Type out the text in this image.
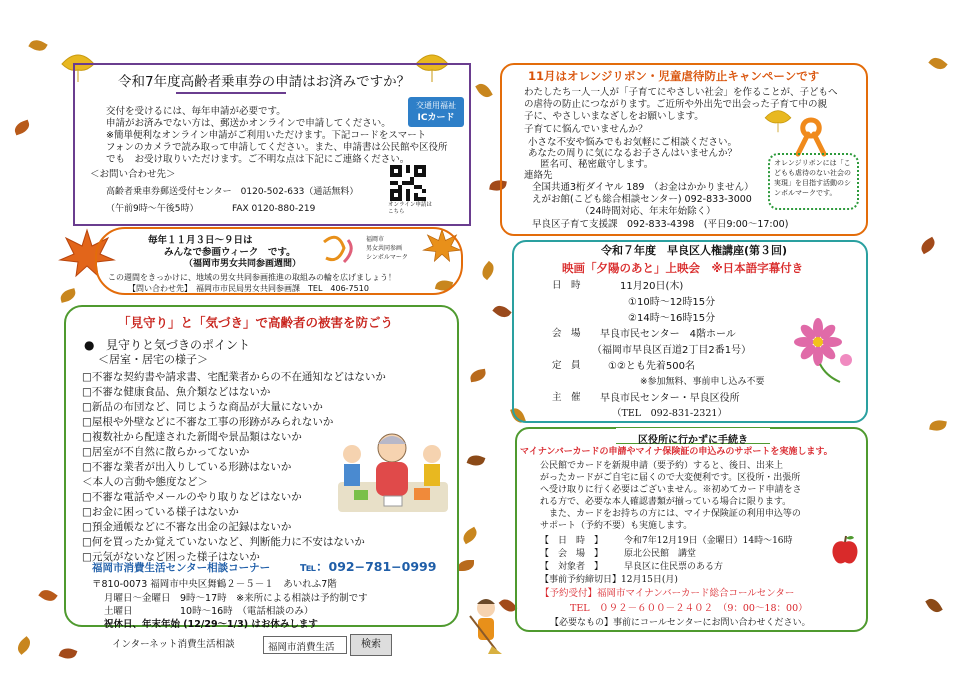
令和7年度高齢者乗車券の申請はお済みですか？
交付を受けるには、毎年申請が必要です。
申請がお済みでない方は、郵送かオンラインで申請してください。
※簡単便利なオンライン申請がご利用いただけます。下記コードをスマート
フォンのカメラで読み取って申請してください。また、申請書は公民館や区役所
でも　お受け取りいただけます。ご不明な点は下記にご連絡ください。
交通用福祉
ICカード
＜お問い合わせ先＞
高齢者乗車券郵送受付センター　0120-502-633（通話無料）
（午前9時～午後5時）	FAX 0120-880-219	オンライン申請はこちら
11月はオレンジリボン・児童虐待防止キャンペーンです
わたしたち一人一人が「子育てにやさしい社会」を作ることが、子どもへ
の虐待の防止につながります。ご近所や外出先で出会った子育て中の親
子に、やさしいまなざしをお願いします。
子育てに悩んでいませんか？
小さな不安や悩みでもお気軽にご相談ください。
あなたの周りに気になるお子さんはいませんか？
匿名可、秘密厳守します。
連絡先
全国共通3桁ダイヤル 189　（お金はかかりません）
えがお館(こども総合相談センター) 092-833-3000
（24時間対応、年末年始除く）
早良区子育て支援課　092-833-4398　(平日9:00～17:00)
オレンジリボンには「こどもも虐待のない社会の実現」を目指す活動のシンボルマークです。
毎年１１月３日～９日は
みんなで参画ウィーク　です。
（福岡市男女共同参画週間）
福岡市
男女共同参画
シンボルマーク
この週間をきっかけに、地域の男女共同参画推進の取組みの輪を広げましょう！
【問い合わせ先】　福岡市市民局男女共同参画課　TEL　406-7510
令和７年度　早良区人権講座(第３回)
映画「夕陽のあと」上映会　※日本語字幕付き
日　時	11月20日(木)
①10時～12時15分
②14時～16時15分
会　場 早良市民センター　4階ホール
（福岡市早良区百道2丁目2番1号）
定　員	①②とも先着500名
※参加無料、事前申し込み不要
主　催 早良市民センター・早良区役所
（TEL　092-831-2321）
「見守り」と「気づき」で高齢者の被害を防ごう
● 見守りと気づきのポイント
＜居室・居宅の様子＞
□不審な契約書や請求書、宅配業者からの不在通知などはないか
□不審な健康食品、魚介類などはないか
□新品の布団など、同じような商品が大量にないか
□屋根や外壁などに不審な工事の形跡がみられないか
□複数社から配達された新聞や景品類はないか
□居室が不自然に散らかってないか
□不審な業者が出入りしている形跡はないか
＜本人の言動や態度など＞
□不審な電話やメールのやり取りなどはないか
□お金に困っている様子はないか
□預金通帳などに不審な出金の記録はないか
□何を買ったか覚えていないなど、判断能力に不安はないか
□元気がないなど困った様子はないか
福岡市消費生活センター相談コーナー ℡：092−781−0999
〒810-0073 福岡市中央区舞鶴２－５－１　あいれふ7階
月曜日～金曜日　9時～17時　※来所による相談は予約制です
土曜日　　　　　10時～16時　（電話相談のみ）
祝休日、年末年始 (12/29～1/3) はお休みします
インターネット消費生活相談	福岡市消費生活	検索
区役所に行かずに手続き
マイナンバーカードの申請やマイナ保険証の申込みのサポートを実施します。
公民館でカードを新規申請（要予約）すると、後日、出来上
がったカードがご自宅に届くので大変便利です。区役所・出張所
へ受け取りに行く必要はございません。※初めてカード申請をさ
れる方で、必要な本人確認書類が揃っている場合に限ります。
　また、カードをお持ちの方には、マイナ保険証の利用申込等の
サポート（予約不要）も実施します。
【　日　時　】 令和7年12月19日（金曜日）14時～16時
【　会　場　】 原北公民館　講堂
【　対象者　】 早良区に住民票のある方
【事前予約締切日】12月15日(月)
【予約受付】福岡市マイナンバーカード総合コールセンター
TEL　０９２－６００－２４０２　（9：00～18：00）
【必要なもの】事前にコールセンターにお問い合わせください。
